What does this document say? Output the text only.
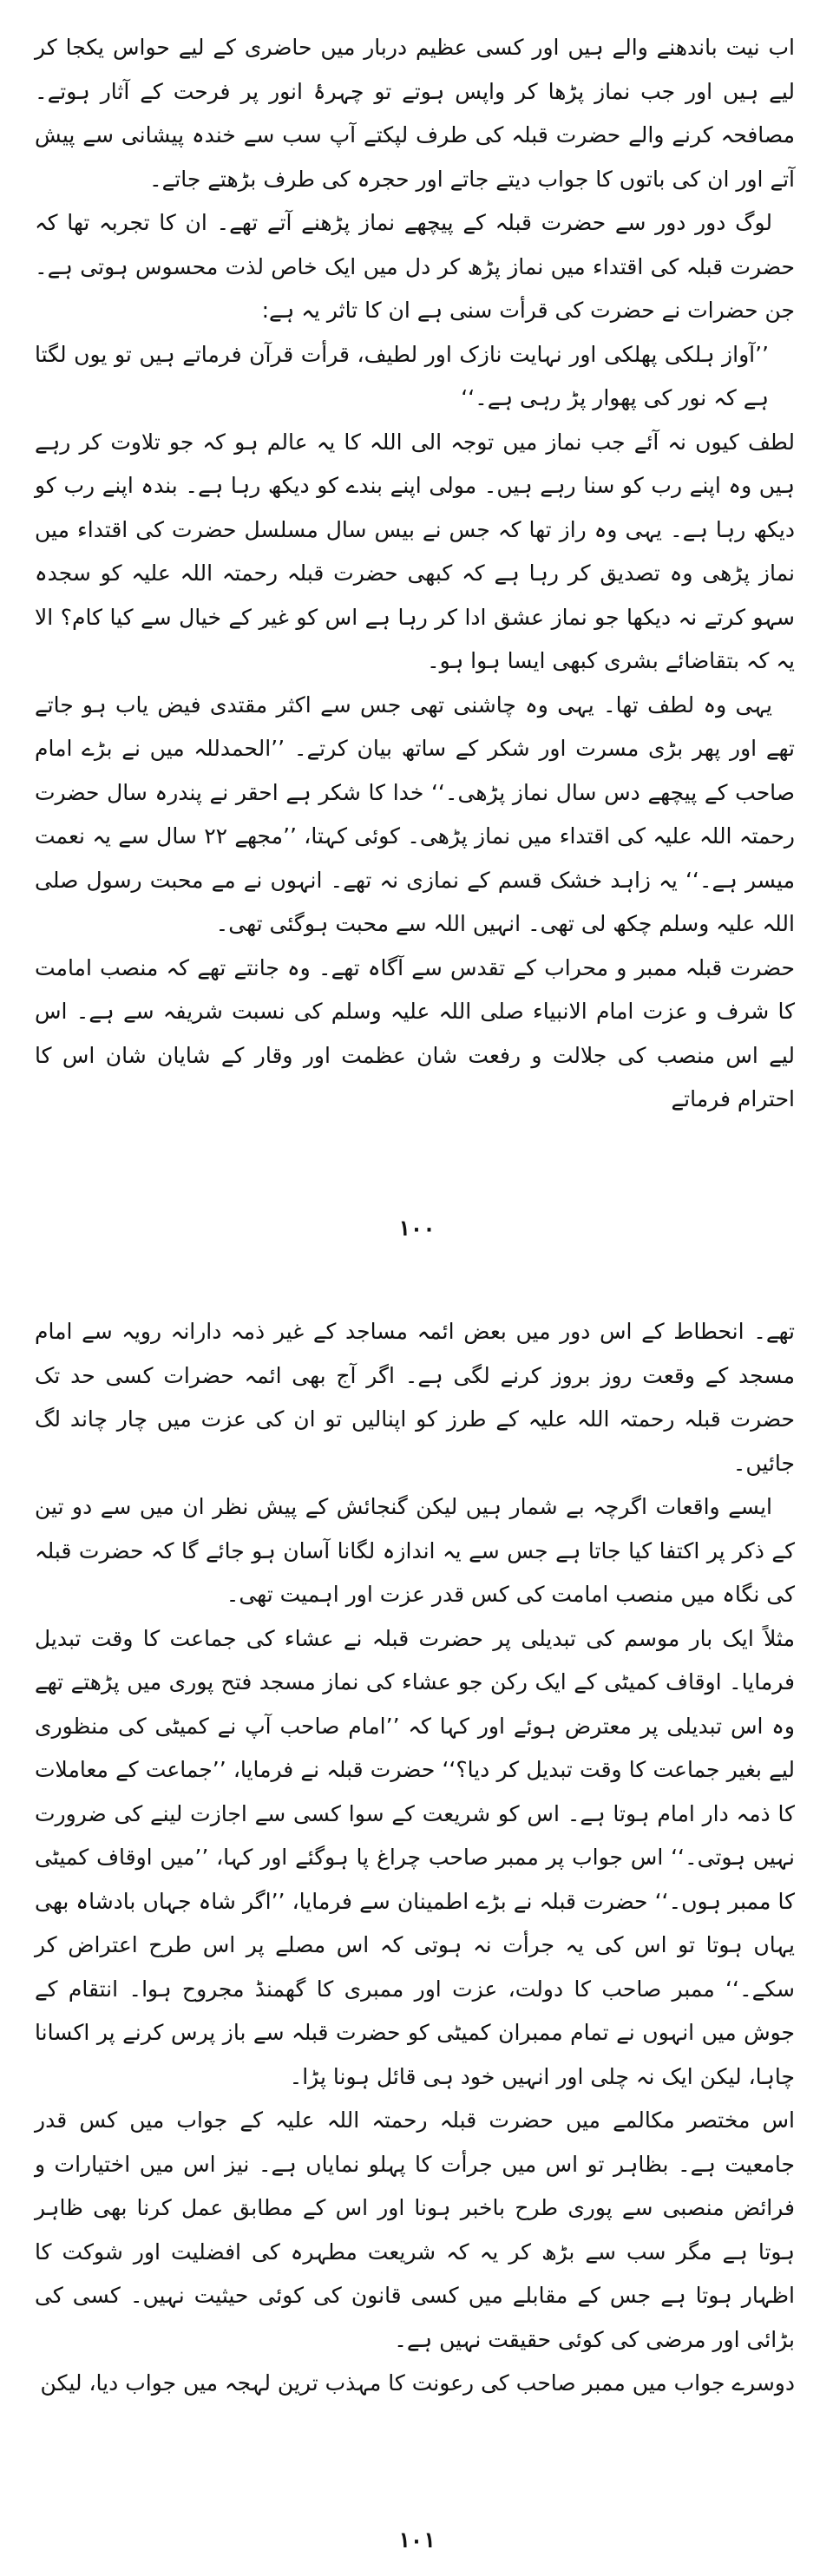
اب نیت باندھنے والے ہیں اور کسی عظیم دربار میں حاضری کے لیے حواس یکجا کر لیے ہیں اور جب نماز پڑھا کر واپس ہوتے تو چہرۂ انور پر فرحت کے آثار ہوتے۔ مصافحہ کرنے والے حضرت قبلہ کی طرف لپکتے آپ سب سے خندہ پیشانی سے پیش آتے اور ان کی باتوں کا جواب دیتے جاتے اور حجرہ کی طرف بڑھتے جاتے۔

لوگ دور دور سے حضرت قبلہ کے پیچھے نماز پڑھنے آتے تھے۔ ان کا تجربہ تھا کہ حضرت قبلہ کی اقتداء میں نماز پڑھ کر دل میں ایک خاص لذت محسوس ہوتی ہے۔ جن حضرات نے حضرت کی قرأت سنی ہے ان کا تاثر یہ ہے:

’’آواز ہلکی پھلکی اور نہایت نازک اور لطیف، قرأت قرآن فرماتے ہیں تو یوں لگتا ہے کہ نور کی پھوار پڑ رہی ہے۔‘‘

لطف کیوں نہ آئے جب نماز میں توجہ الی اللہ کا یہ عالم ہو کہ جو تلاوت کر رہے ہیں وہ اپنے رب کو سنا رہے ہیں۔ مولی اپنے بندے کو دیکھ رہا ہے۔ بندہ اپنے رب کو دیکھ رہا ہے۔ یہی وہ راز تھا کہ جس نے بیس سال مسلسل حضرت کی اقتداء میں نماز پڑھی وہ تصدیق کر رہا ہے کہ کبھی حضرت قبلہ رحمتہ اللہ علیہ کو سجدہ سہو کرتے نہ دیکھا جو نماز عشق ادا کر رہا ہے اس کو غیر کے خیال سے کیا کام؟ الا یہ کہ بتقاضائے بشری کبھی ایسا ہوا ہو۔

یہی وہ لطف تھا۔ یہی وہ چاشنی تھی جس سے اکثر مقتدی فیض یاب ہو جاتے تھے اور پھر بڑی مسرت اور شکر کے ساتھ بیان کرتے۔ ’’الحمدللہ میں نے بڑے امام صاحب کے پیچھے دس سال نماز پڑھی۔‘‘ خدا کا شکر ہے احقر نے پندرہ سال حضرت رحمتہ اللہ علیہ کی اقتداء میں نماز پڑھی۔ کوئی کہتا، ’’مجھے ۲۲ سال سے یہ نعمت میسر ہے۔‘‘ یہ زاہد خشک قسم کے نمازی نہ تھے۔ انہوں نے مے محبت رسول صلی اللہ علیہ وسلم چکھ لی تھی۔ انہیں اللہ سے محبت ہوگئی تھی۔

حضرت قبلہ ممبر و محراب کے تقدس سے آگاہ تھے۔ وہ جانتے تھے کہ منصب امامت کا شرف و عزت امام الانبیاء صلی اللہ علیہ وسلم کی نسبت شریفہ سے ہے۔ اس لیے اس منصب کی جلالت و رفعت شان عظمت اور وقار کے شایان شان اس کا احترام فرماتے

۱۰۰

تھے۔ انحطاط کے اس دور میں بعض ائمہ مساجد کے غیر ذمہ دارانہ رویہ سے امام مسجد کے وقعت روز بروز کرنے لگی ہے۔ اگر آج بھی ائمہ حضرات کسی حد تک حضرت قبلہ رحمتہ اللہ علیہ کے طرز کو اپنالیں تو ان کی عزت میں چار چاند لگ جائیں۔

ایسے واقعات اگرچہ بے شمار ہیں لیکن گنجائش کے پیش نظر ان میں سے دو تین کے ذکر پر اکتفا کیا جاتا ہے جس سے یہ اندازہ لگانا آسان ہو جائے گا کہ حضرت قبلہ کی نگاہ میں منصب امامت کی کس قدر عزت اور اہمیت تھی۔

مثلاً ایک بار موسم کی تبدیلی پر حضرت قبلہ نے عشاء کی جماعت کا وقت تبدیل فرمایا۔ اوقاف کمیٹی کے ایک رکن جو عشاء کی نماز مسجد فتح پوری میں پڑھتے تھے وہ اس تبدیلی پر معترض ہوئے اور کہا کہ ’’امام صاحب آپ نے کمیٹی کی منظوری لیے بغیر جماعت کا وقت تبدیل کر دیا؟‘‘ حضرت قبلہ نے فرمایا، ’’جماعت کے معاملات کا ذمہ دار امام ہوتا ہے۔ اس کو شریعت کے سوا کسی سے اجازت لینے کی ضرورت نہیں ہوتی۔‘‘ اس جواب پر ممبر صاحب چراغ پا ہوگئے اور کہا، ’’میں اوقاف کمیٹی کا ممبر ہوں۔‘‘ حضرت قبلہ نے بڑے اطمینان سے فرمایا، ’’اگر شاہ جہاں بادشاہ بھی یہاں ہوتا تو اس کی یہ جرأت نہ ہوتی کہ اس مصلے پر اس طرح اعتراض کر سکے۔‘‘ ممبر صاحب کا دولت، عزت اور ممبری کا گھمنڈ مجروح ہوا۔ انتقام کے جوش میں انہوں نے تمام ممبران کمیٹی کو حضرت قبلہ سے باز پرس کرنے پر اکسانا چاہا، لیکن ایک نہ چلی اور انہیں خود ہی قائل ہونا پڑا۔

اس مختصر مکالمے میں حضرت قبلہ رحمتہ اللہ علیہ کے جواب میں کس قدر جامعیت ہے۔ بظاہر تو اس میں جرأت کا پہلو نمایاں ہے۔ نیز اس میں اختیارات و فرائض منصبی سے پوری طرح باخبر ہونا اور اس کے مطابق عمل کرنا بھی ظاہر ہوتا ہے مگر سب سے بڑھ کر یہ کہ شریعت مطہرہ کی افضلیت اور شوکت کا اظہار ہوتا ہے جس کے مقابلے میں کسی قانون کی کوئی حیثیت نہیں۔ کسی کی بڑائی اور مرضی کی کوئی حقیقت نہیں ہے۔

دوسرے جواب میں ممبر صاحب کی رعونت کا مہذب ترین لہجہ میں جواب دیا، لیکن

۱۰۱
